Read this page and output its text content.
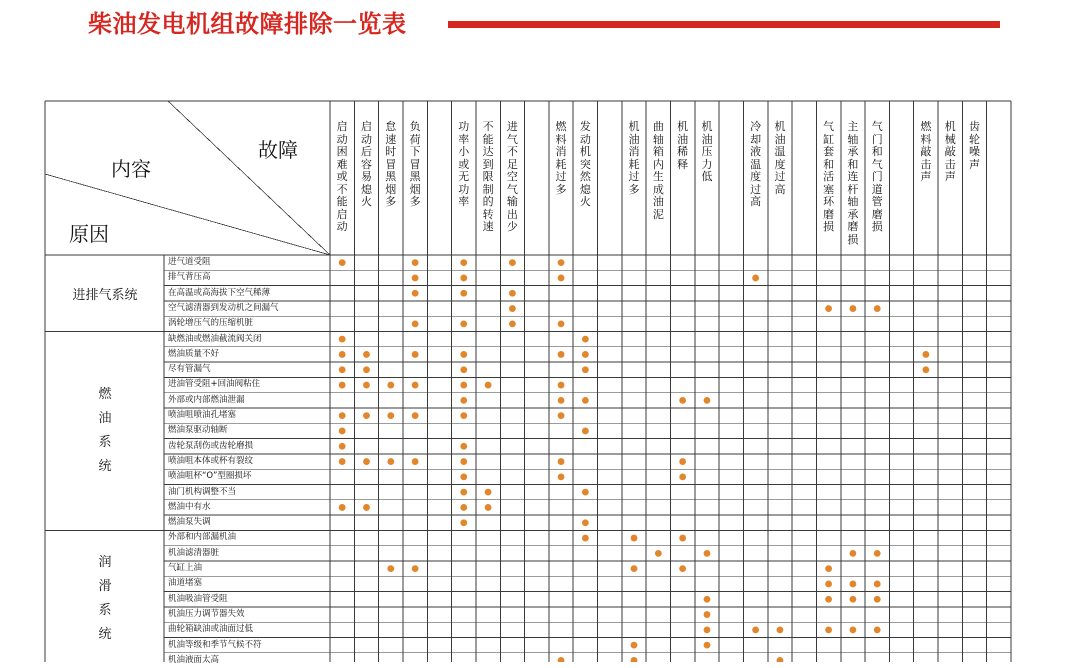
柴油发电机组故障排除一览表
启动困难或不能启动
启动后容易熄火
怠速时冒黑烟多
负荷下冒黑烟多
功率小或无功率
不能达到限制的转速
进气不足空气输出少
燃料消耗过多
发动机突然熄火
机油消耗过多
曲轴箱内生成油泥
机油稀释
机油压力低
冷却液温度过高
机油温度过高
气缸套和活塞环磨损
主轴承和连杆轴承磨损
气门和气门道管磨损
燃料敲击声
机械敲击声
齿轮噪声
故障
内容
原因
进气道受阻
排气背压高
在高温或高海拔下空气稀薄
空气滤清器到发动机之间漏气
涡轮增压气的压缩机脏
进排气系统
缺燃油或燃油截流阀关闭
燃油质量不好
尽有管漏气
进油管受阻+回油阀粘住
外部或内部燃油泄漏
喷油咀喷油孔堵塞
燃油泵驱动轴断
齿轮泵刮伤或齿轮磨损
喷油咀本体或杯有裂纹
喷油咀杯“O”型圈损坏
油门机构调整不当
燃油中有水
燃油泵失调
燃油系统
外部和内部漏机油
机油滤清器脏
气缸上油
油道堵塞
机油吸油管受阻
机油压力调节器失效
曲轮箱缺油或油面过低
机油等级和季节气候不符
机油液面太高
润滑系统
